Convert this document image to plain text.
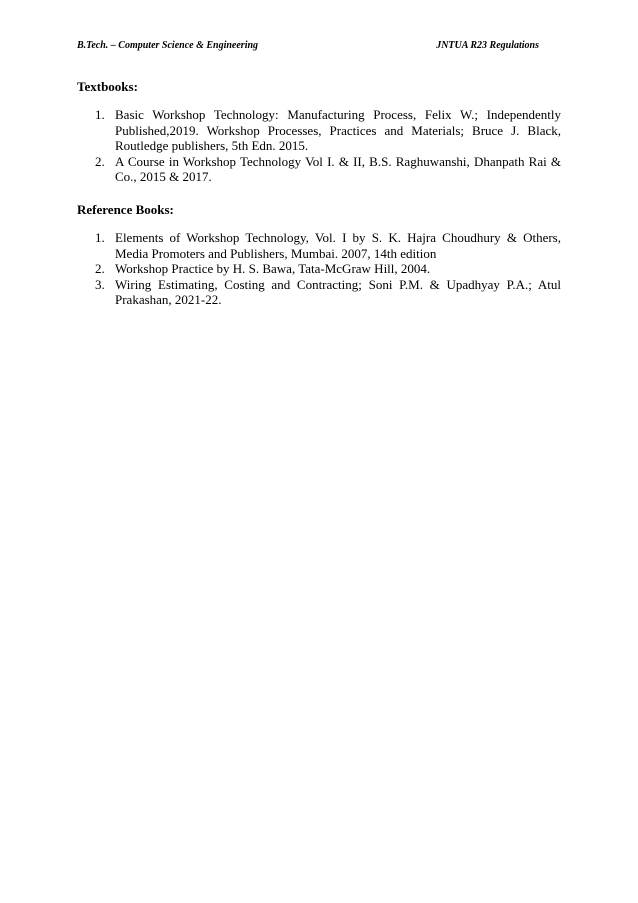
B.Tech. – Computer Science & Engineering	JNTUA R23 Regulations
Textbooks:
1. Basic Workshop Technology: Manufacturing Process, Felix W.; Independently Published,2019. Workshop Processes, Practices and Materials; Bruce J. Black, Routledge publishers, 5th Edn. 2015.
2. A Course in Workshop Technology Vol I. & II, B.S. Raghuwanshi, Dhanpath Rai & Co., 2015 & 2017.
Reference Books:
1. Elements of Workshop Technology, Vol. I by S. K. Hajra Choudhury & Others, Media Promoters and Publishers, Mumbai. 2007, 14th edition
2. Workshop Practice by H. S. Bawa, Tata-McGraw Hill, 2004.
3. Wiring Estimating, Costing and Contracting; Soni P.M. & Upadhyay P.A.; Atul Prakashan, 2021-22.
